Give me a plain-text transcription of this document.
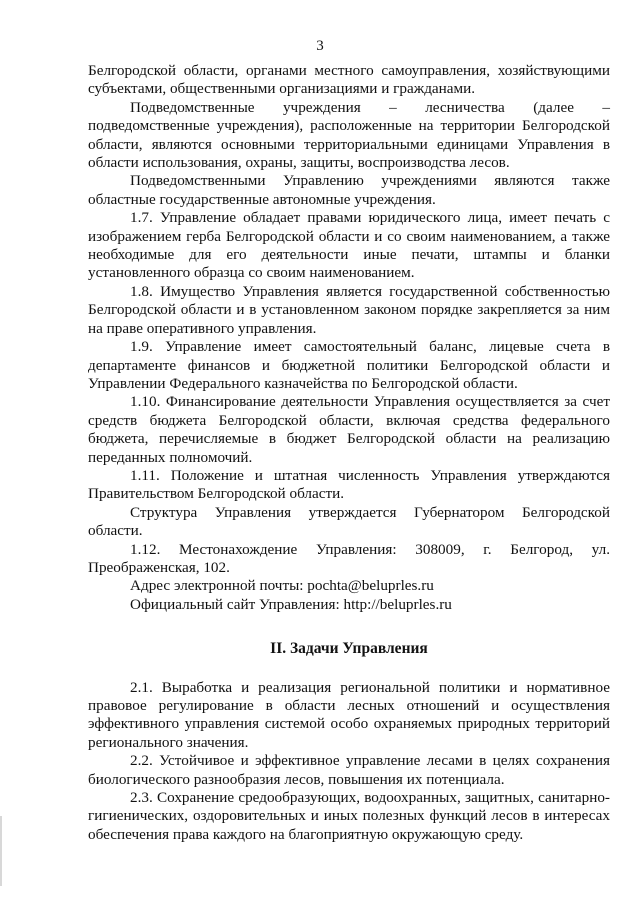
3

Белгородской области, органами местного самоуправления, хозяйствующими субъектами, общественными организациями и гражданами.

Подведомственные учреждения – лесничества (далее – подведомственные учреждения), расположенные на территории Белгородской области, являются основными территориальными единицами Управления в области использования, охраны, защиты, воспроизводства лесов.

Подведомственными Управлению учреждениями являются также областные государственные автономные учреждения.

1.7. Управление обладает правами юридического лица, имеет печать с изображением герба Белгородской области и со своим наименованием, а также необходимые для его деятельности иные печати, штампы и бланки установленного образца со своим наименованием.

1.8. Имущество Управления является государственной собственностью Белгородской области и в установленном законом порядке закрепляется за ним на праве оперативного управления.

1.9. Управление имеет самостоятельный баланс, лицевые счета в департаменте финансов и бюджетной политики Белгородской области и Управлении Федерального казначейства по Белгородской области.

1.10. Финансирование деятельности Управления осуществляется за счет средств бюджета Белгородской области, включая средства федерального бюджета, перечисляемые в бюджет Белгородской области на реализацию переданных полномочий.

1.11. Положение и штатная численность Управления утверждаются Правительством Белгородской области.

Структура Управления утверждается Губернатором Белгородской области.

1.12. Местонахождение Управления: 308009, г. Белгород, ул. Преображенская, 102.

Адрес электронной почты: pochta@beluprles.ru

Официальный сайт Управления: http://beluprles.ru

II. Задачи Управления

2.1. Выработка и реализация региональной политики и нормативное правовое регулирование в области лесных отношений и осуществления эффективного управления системой особо охраняемых природных территорий регионального значения.

2.2. Устойчивое и эффективное управление лесами в целях сохранения биологического разнообразия лесов, повышения их потенциала.

2.3. Сохранение средообразующих, водоохранных, защитных, санитарно-гигиенических, оздоровительных и иных полезных функций лесов в интересах обеспечения права каждого на благоприятную окружающую среду.
